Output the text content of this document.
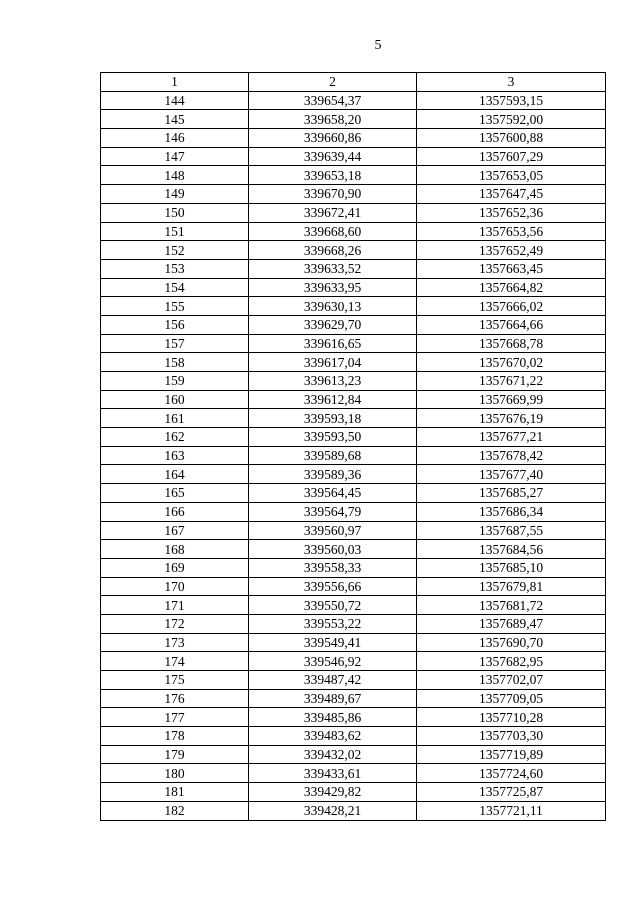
5
1	2	3
144	339654,37	1357593,15
145	339658,20	1357592,00
146	339660,86	1357600,88
147	339639,44	1357607,29
148	339653,18	1357653,05
149	339670,90	1357647,45
150	339672,41	1357652,36
151	339668,60	1357653,56
152	339668,26	1357652,49
153	339633,52	1357663,45
154	339633,95	1357664,82
155	339630,13	1357666,02
156	339629,70	1357664,66
157	339616,65	1357668,78
158	339617,04	1357670,02
159	339613,23	1357671,22
160	339612,84	1357669,99
161	339593,18	1357676,19
162	339593,50	1357677,21
163	339589,68	1357678,42
164	339589,36	1357677,40
165	339564,45	1357685,27
166	339564,79	1357686,34
167	339560,97	1357687,55
168	339560,03	1357684,56
169	339558,33	1357685,10
170	339556,66	1357679,81
171	339550,72	1357681,72
172	339553,22	1357689,47
173	339549,41	1357690,70
174	339546,92	1357682,95
175	339487,42	1357702,07
176	339489,67	1357709,05
177	339485,86	1357710,28
178	339483,62	1357703,30
179	339432,02	1357719,89
180	339433,61	1357724,60
181	339429,82	1357725,87
182	339428,21	1357721,11
